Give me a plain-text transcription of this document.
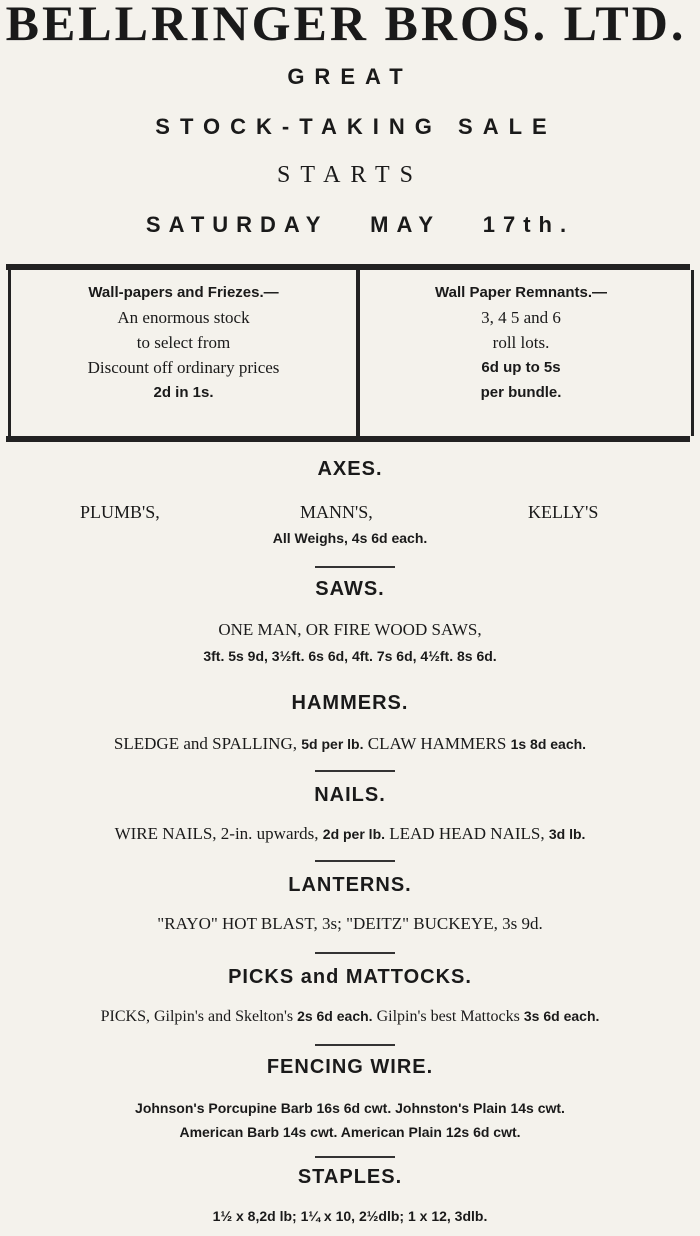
BELLRINGER BROS. LTD.
GREAT
STOCK-TAKING SALE
STARTS
SATURDAY MAY 17th.
Wall-papers and Friezes.—
An enormous stock
to select from
Discount off ordinary prices
2d in 1s.
Wall Paper Remnants.—
3, 4 5 and 6
roll lots.
6d up to 5s
per bundle.
AXES.
PLUMB'S,	MANN'S,	KELLY'S
All Weighs, 4s 6d each.
SAWS.
ONE MAN, OR FIRE WOOD SAWS,
3ft. 5s 9d, 3½ft. 6s 6d, 4ft. 7s 6d, 4½ft. 8s 6d.
HAMMERS.
SLEDGE and SPALLING, 5d per lb. CLAW HAMMERS 1s 8d each.
NAILS.
WIRE NAILS, 2-in. upwards, 2d per lb. LEAD HEAD NAILS, 3d lb.
LANTERNS.
"RAYO" HOT BLAST, 3s; "DEITZ" BUCKEYE, 3s 9d.
PICKS and MATTOCKS.
PICKS, Gilpin's and Skelton's 2s 6d each. Gilpin's best Mattocks 3s 6d each.
FENCING WIRE.
Johnson's Porcupine Barb 16s 6d cwt. Johnston's Plain 14s cwt.
American Barb 14s cwt. American Plain 12s 6d cwt.
STAPLES.
1½ x 8,2d lb; 1¼ x 10, 2½dlb; 1 x 12, 3dlb.
